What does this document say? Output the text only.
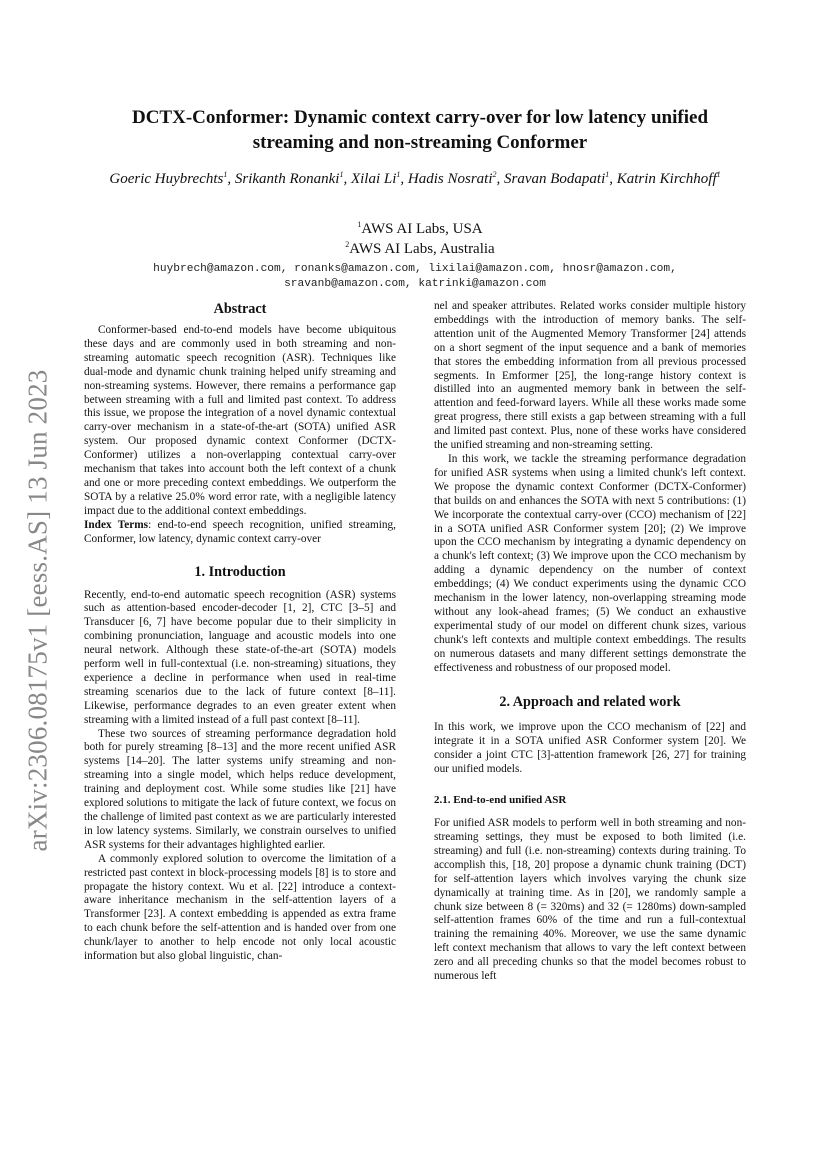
arXiv:2306.08175v1 [eess.AS] 13 Jun 2023
DCTX-Conformer: Dynamic context carry-over for low latency unified
streaming and non-streaming Conformer
Goeric Huybrechts$^1$, Srikanth Ronanki$^1$, Xilai Li$^1$, Hadis Nosrati$^2$, Sravan Bodapati$^1$, Katrin Kirchhoff$^1$
$^1$AWS AI Labs, USA
$^2$AWS AI Labs, Australia
huybrech@amazon.com, ronanks@amazon.com, lixilai@amazon.com, hnosr@amazon.com,
sravanb@amazon.com, katrinki@amazon.com
Abstract

Conformer-based end-to-end models have become ubiquitous these days and are commonly used in both streaming and non-streaming automatic speech recognition (ASR). Techniques like dual-mode and dynamic chunk training helped unify streaming and non-streaming systems. However, there remains a performance gap between streaming with a full and limited past context. To address this issue, we propose the integration of a novel dynamic contextual carry-over mechanism in a state-of-the-art (SOTA) unified ASR system. Our proposed dynamic context Conformer (DCTX-Conformer) utilizes a non-overlapping contextual carry-over mechanism that takes into account both the left context of a chunk and one or more preceding context embeddings. We outperform the SOTA by a relative 25.0% word error rate, with a negligible latency impact due to the additional context embeddings.

Index Terms: end-to-end speech recognition, unified streaming, Conformer, low latency, dynamic context carry-over

1. Introduction

Recently, end-to-end automatic speech recognition (ASR) systems such as attention-based encoder-decoder [1, 2], CTC [3–5] and Transducer [6, 7] have become popular due to their simplicity in combining pronunciation, language and acoustic models into one neural network. Although these state-of-the-art (SOTA) models perform well in full-contextual (i.e. non-streaming) situations, they experience a decline in performance when used in real-time streaming scenarios due to the lack of future context [8–11]. Likewise, performance degrades to an even greater extent when streaming with a limited instead of a full past context [8–11].

These two sources of streaming performance degradation hold both for purely streaming [8–13] and the more recent unified ASR systems [14–20]. The latter systems unify streaming and non-streaming into a single model, which helps reduce development, training and deployment cost. While some studies like [21] have explored solutions to mitigate the lack of future context, we focus on the challenge of limited past context as we are particularly interested in low latency systems. Similarly, we constrain ourselves to unified ASR systems for their advantages highlighted earlier.

A commonly explored solution to overcome the limitation of a restricted past context in block-processing models [8] is to store and propagate the history context. Wu et al. [22] introduce a context-aware inheritance mechanism in the self-attention layers of a Transformer [23]. A context embedding is appended as extra frame to each chunk before the self-attention and is handed over from one chunk/layer to another to help encode not only local acoustic information but also global linguistic, chan-

nel and speaker attributes. Related works consider multiple history embeddings with the introduction of memory banks. The self-attention unit of the Augmented Memory Transformer [24] attends on a short segment of the input sequence and a bank of memories that stores the embedding information from all previous processed segments. In Emformer [25], the long-range history context is distilled into an augmented memory bank in between the self-attention and feed-forward layers. While all these works made some great progress, there still exists a gap between streaming with a full and limited past context. Plus, none of these works have considered the unified streaming and non-streaming setting.

In this work, we tackle the streaming performance degradation for unified ASR systems when using a limited chunk's left context. We propose the dynamic context Conformer (DCTX-Conformer) that builds on and enhances the SOTA with next 5 contributions: (1) We incorporate the contextual carry-over (CCO) mechanism of [22] in a SOTA unified ASR Conformer system [20]; (2) We improve upon the CCO mechanism by integrating a dynamic dependency on a chunk's left context; (3) We improve upon the CCO mechanism by adding a dynamic dependency on the number of context embeddings; (4) We conduct experiments using the dynamic CCO mechanism in the lower latency, non-overlapping streaming mode without any look-ahead frames; (5) We conduct an exhaustive experimental study of our model on different chunk sizes, various chunk's left contexts and multiple context embeddings. The results on numerous datasets and many different settings demonstrate the effectiveness and robustness of our proposed model.

2. Approach and related work

In this work, we improve upon the CCO mechanism of [22] and integrate it in a SOTA unified ASR Conformer system [20]. We consider a joint CTC [3]-attention framework [26, 27] for training our unified models.

2.1. End-to-end unified ASR

For unified ASR models to perform well in both streaming and non-streaming settings, they must be exposed to both limited (i.e. streaming) and full (i.e. non-streaming) contexts during training. To accomplish this, [18, 20] propose a dynamic chunk training (DCT) for self-attention layers which involves varying the chunk size dynamically at training time. As in [20], we randomly sample a chunk size between 8 (= 320ms) and 32 (= 1280ms) down-sampled self-attention frames 60% of the time and run a full-contextual training the remaining 40%. Moreover, we use the same dynamic left context mechanism that allows to vary the left context between zero and all preceding chunks so that the model becomes robust to numerous left
